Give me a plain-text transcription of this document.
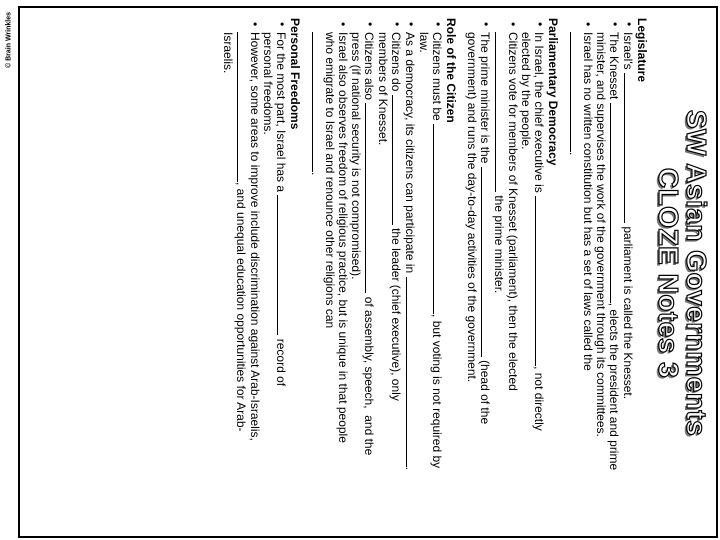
© Brain Wrinkles
SW Asian Governments
CLOZE Notes 3
Legislature
• Israel's  parliament is called the Knesset.
• The Knesset , elects the president and prime
minister, and supervises the work of the government through its committees.
• Israel has no written constitution but has a set of laws called the
.
Parliamentary Democracy
• In Israel, the chief executive is , not directly
elected by the people.
• Citizens vote for members of Knesset (parliament), then the elected
the prime minister.
• The prime minister is the  (head of the
government) and runs the day-to-day activities of the government.
Role of the Citizen
• Citizens must be , but voting is not required by
law.
• As a democracy, its citizens can participate in .
• Citizens do  the leader (chief executive), only
members of Knesset.
• Citizens also  of assembly, speech,  and the
press (if national security is not compromised).
• Israel also observes freedom of religious practice, but is unique in that people
who emigrate to Israel and renounce other religions can
.
Personal Freedoms
• For the most part, Israel has a  record of
personal freedoms.
• However, some areas to improve include discrimination against Arab-Israelis,
, and unequal education opportunities for Arab-
Israelis.
